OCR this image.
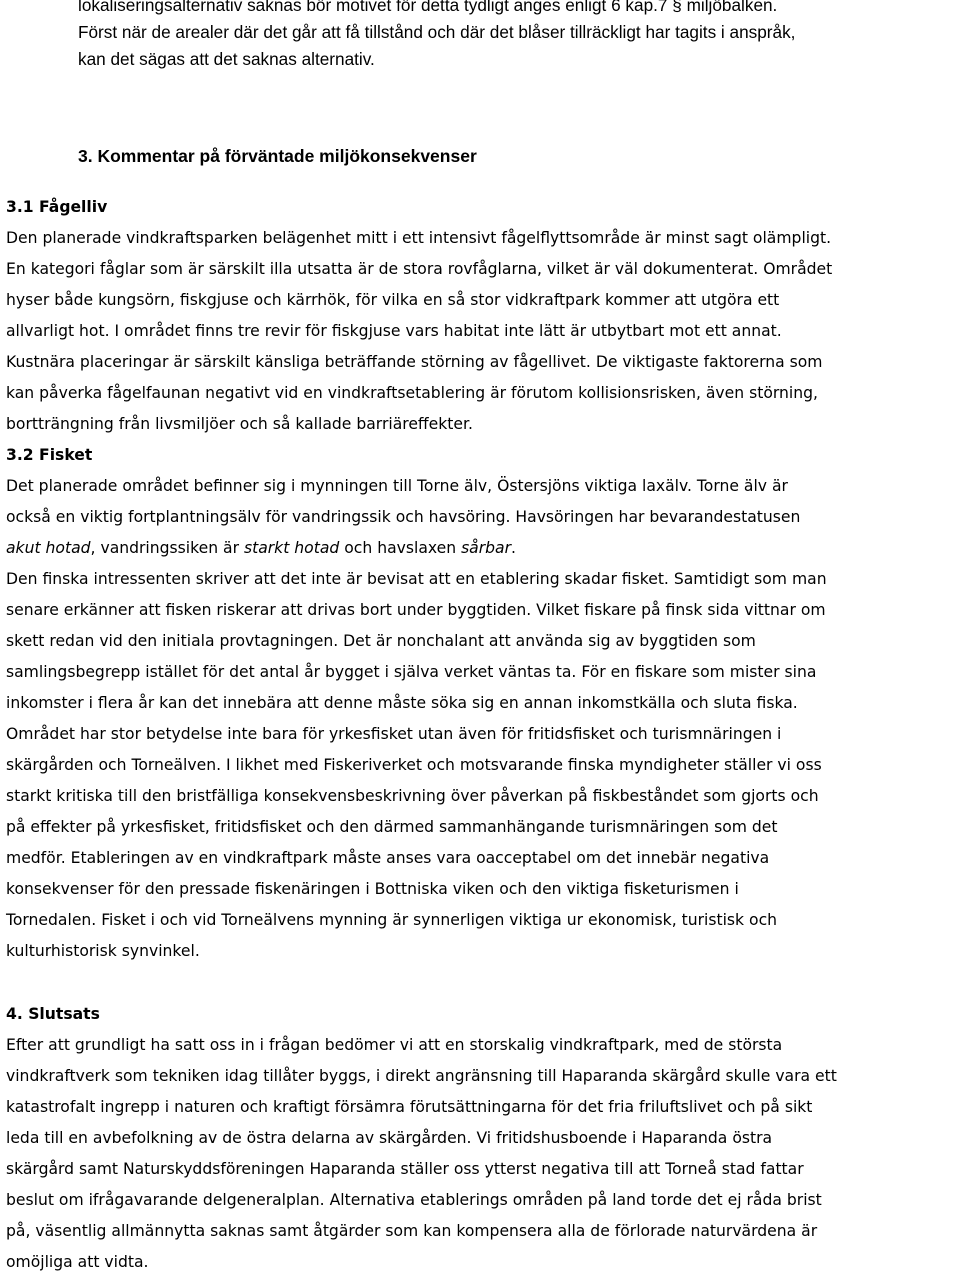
lokaliseringsalternativ saknas bör motivet för detta tydligt anges enligt 6 kap.7 § miljöbalken.
Först när de arealer där det går att få tillstånd och där det blåser tillräckligt har tagits i anspråk,
kan det sägas att det saknas alternativ.

3. Kommentar på förväntade miljökonsekvenser
3.1 Fågelliv

Den planerade vindkraftsparken belägenhet mitt i ett intensivt fågelflyttsområde är minst sagt olämpligt.
En kategori fåglar som är särskilt illa utsatta är de stora rovfåglarna, vilket är väl dokumenterat. Området
hyser både kungsörn, fiskgjuse och kärrhök, för vilka en så stor vidkraftpark kommer att utgöra ett
allvarligt hot. I området finns tre revir för fiskgjuse vars habitat inte lätt är utbytbart mot ett annat.
Kustnära placeringar är särskilt känsliga beträffande störning av fågellivet. De viktigaste faktorerna som
kan påverka fågelfaunan negativt vid en vindkraftsetablering är förutom kollisionsrisken, även störning,
bortträngning från livsmiljöer och så kallade barriäreffekter.

3.2 Fisket

Det planerade området befinner sig i mynningen till Torne älv, Östersjöns viktiga laxälv. Torne älv är
också en viktig fortplantningsälv för vandringssik och havsöring. Havsöringen har bevarandestatusen
akut hotad, vandringssiken är starkt hotad och havslaxen sårbar.
Den finska intressenten skriver att det inte är bevisat att en etablering skadar fisket. Samtidigt som man
senare erkänner att fisken riskerar att drivas bort under byggtiden. Vilket fiskare på finsk sida vittnar om
skett redan vid den initiala provtagningen. Det är nonchalant att använda sig av byggtiden som
samlingsbegrepp istället för det antal år bygget i själva verket väntas ta. För en fiskare som mister sina
inkomster i flera år kan det innebära att denne måste söka sig en annan inkomstkälla och sluta fiska.
Området har stor betydelse inte bara för yrkesfisket utan även för fritidsfisket och turismnäringen i
skärgården och Torneälven. I likhet med Fiskeriverket och motsvarande finska myndigheter ställer vi oss
starkt kritiska till den bristfälliga konsekvensbeskrivning över påverkan på fiskbeståndet som gjorts och
på effekter på yrkesfisket, fritidsfisket och den därmed sammanhängande turismnäringen som det
medför. Etableringen av en vindkraftpark måste anses vara oacceptabel om det innebär negativa
konsekvenser för den pressade fiskenäringen i Bottniska viken och den viktiga fisketurismen i
Tornedalen. Fisket i och vid Torneälvens mynning är synnerligen viktiga ur ekonomisk, turistisk och
kulturhistorisk synvinkel.

4. Slutsats

Efter att grundligt ha satt oss in i frågan bedömer vi att en storskalig vindkraftpark, med de största
vindkraftverk som tekniken idag tillåter byggs, i direkt angränsning till Haparanda skärgård skulle vara ett
katastrofalt ingrepp i naturen och kraftigt försämra förutsättningarna för det fria friluftslivet och på sikt
leda till en avbefolkning av de östra delarna av skärgården. Vi fritidshusboende i Haparanda östra
skärgård samt Naturskyddsföreningen Haparanda ställer oss ytterst negativa till att Torneå stad fattar
beslut om ifrågavarande delgeneralplan. Alternativa etablerings områden på land torde det ej råda brist
på, väsentlig allmännytta saknas samt åtgärder som kan kompensera alla de förlorade naturvärdena är
omöjliga att vidta.
